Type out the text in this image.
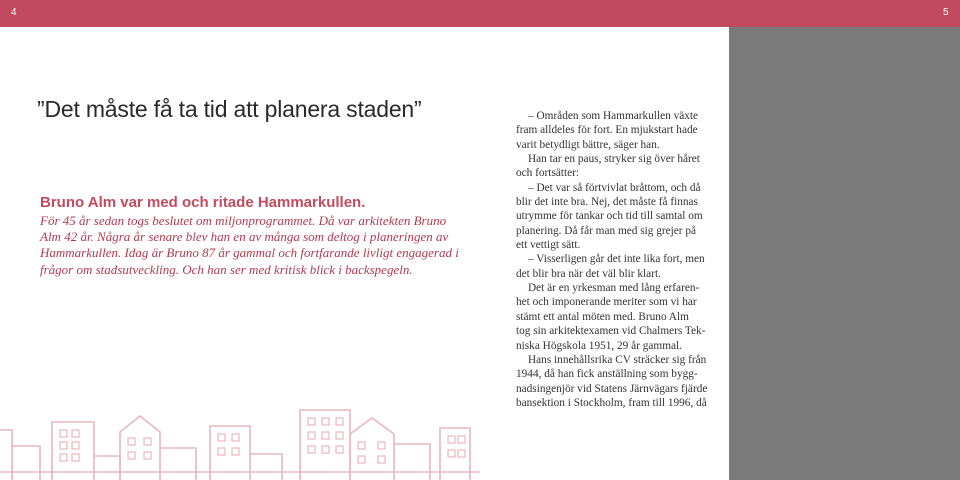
4	5
”Det måste få ta tid att planera staden”
Bruno Alm var med och ritade Hammarkullen.
För 45 år sedan togs beslutet om miljonprogrammet. Då var arkitekten Bruno
Alm 42 år. Några år senare blev han en av många som deltog i planeringen av
Hammarkullen. Idag är Bruno 87 år gammal och fortfarande livligt engagerad i
frågor om stadsutveckling. Och han ser med kritisk blick i backspegeln.
– Områden som Hammarkullen växte
fram alldeles för fort. En mjukstart hade
varit betydligt bättre, säger han.
Han tar en paus, stryker sig över håret
och fortsätter:
– Det var så förtvivlat bråttom, och då
blir det inte bra. Nej, det måste få finnas
utrymme för tankar och tid till samtal om
planering. Då får man med sig grejer på
ett vettigt sätt.
– Visserligen går det inte lika fort, men
det blir bra när det väl blir klart.
Det är en yrkesman med lång erfaren-
het och imponerande meriter som vi har
stämt ett antal möten med. Bruno Alm
tog sin arkitektexamen vid Chalmers Tek-
niska Högskola 1951, 29 år gammal.
Hans innehållsrika CV sträcker sig från
1944, då han fick anställning som bygg-
nadsingenjör vid Statens Järnvägars fjärde
bansektion i Stockholm, fram till 1996, då
